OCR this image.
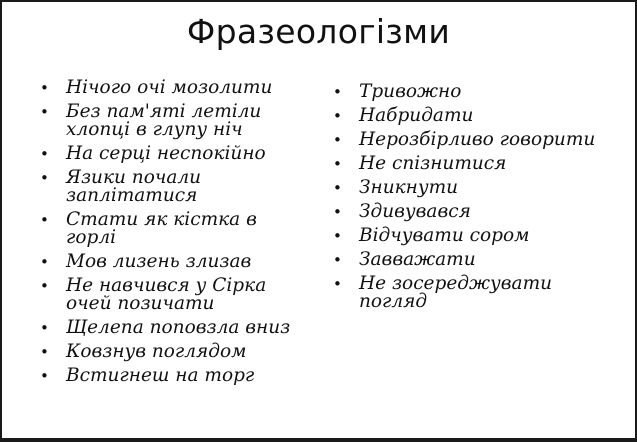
Фразеологізми
• Нічого очі мозолити
• Без пам'яті летіли хлопці в глупу ніч
• На серці неспокійно
• Язики почали заплітатися
• Стати як кістка в горлі
• Мов лизень злизав
• Не навчився у Сірка очей позичати
• Щелепа поповзла вниз
• Ковзнув поглядом
• Встигнеш на торг
• Тривожно
• Набридати
• Нерозбірливо говорити
• Не спізнитися
• Зникнути
• Здивувався
• Відчувати сором
• Завважати
• Не зосереджувати погляд
